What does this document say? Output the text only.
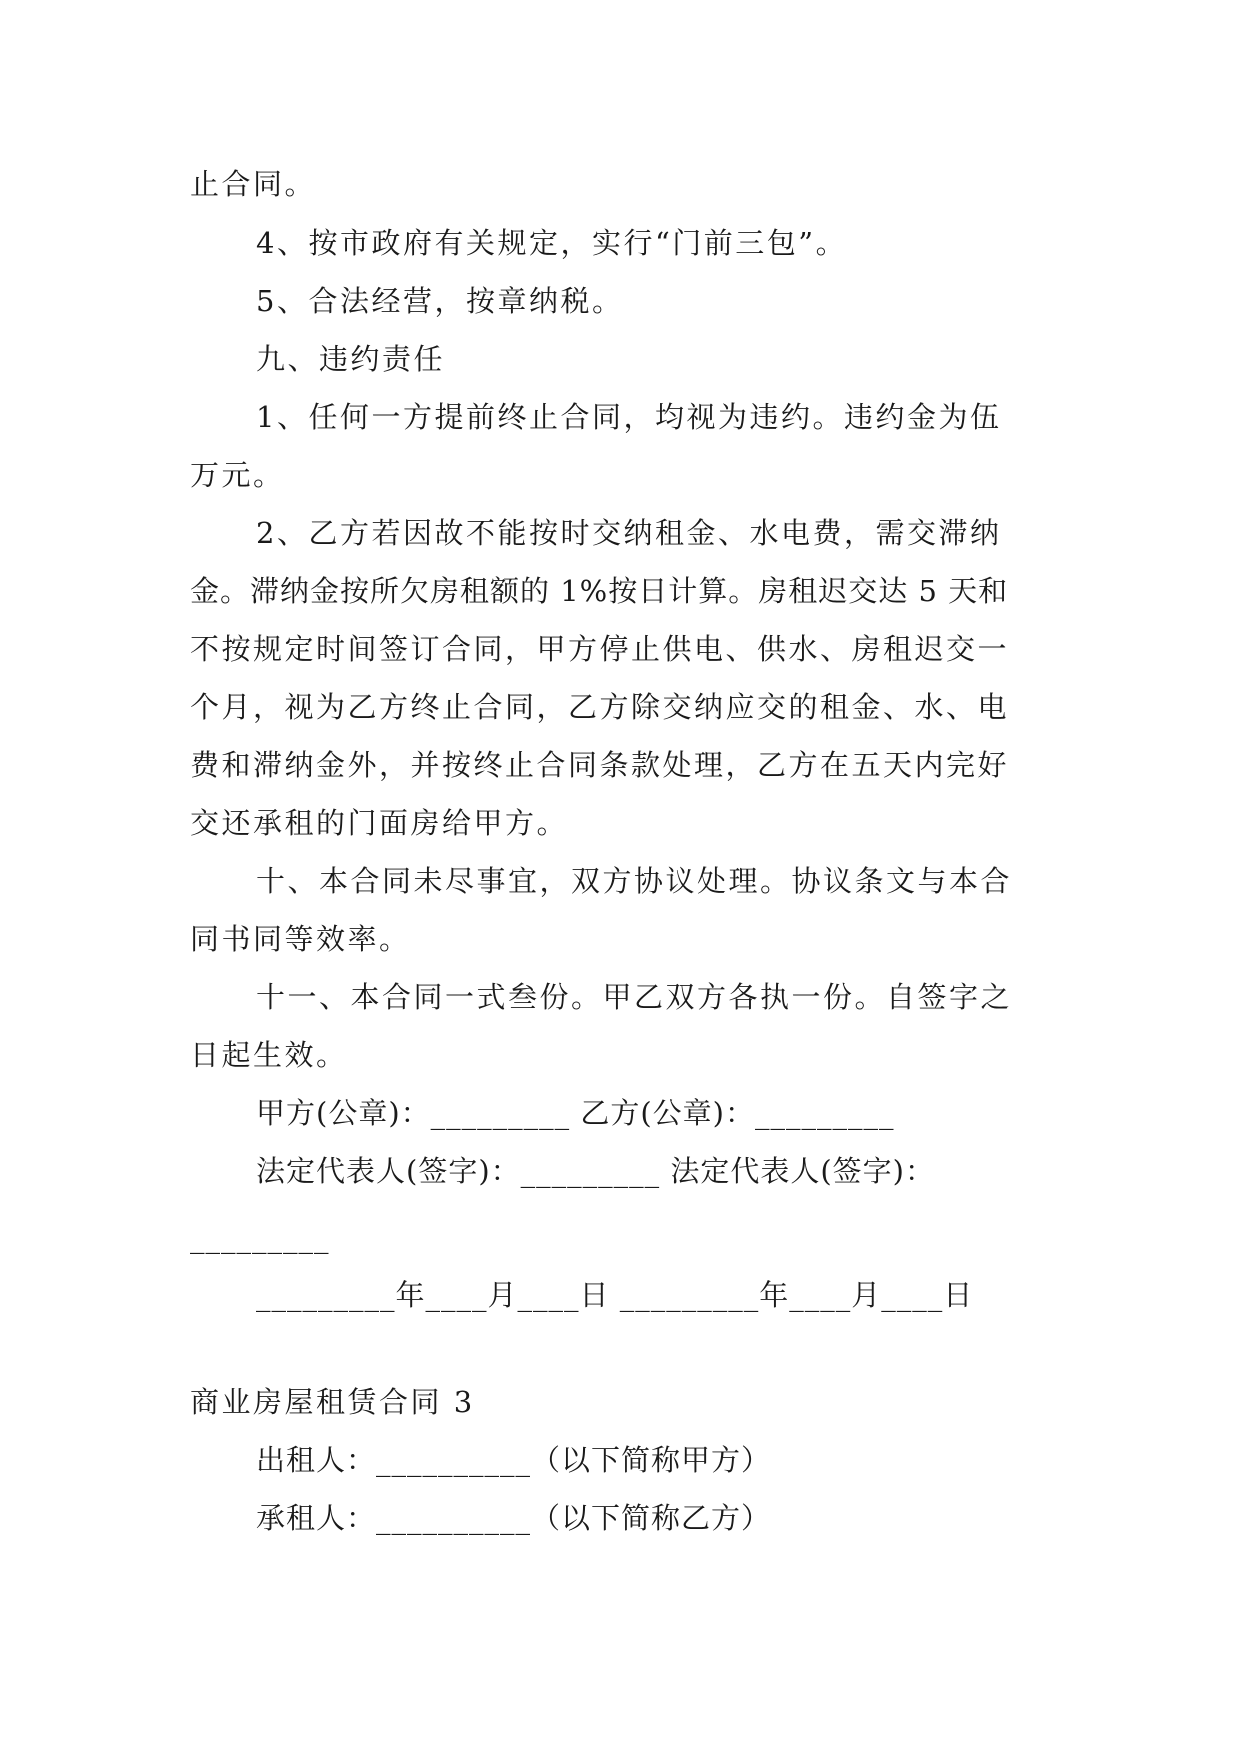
止合同。
4、按市政府有关规定，实行“门前三包”。
5、合法经营，按章纳税。
九、违约责任
1、任何一方提前终止合同，均视为违约。违约金为伍
万元。
2、乙方若因故不能按时交纳租金、水电费，需交滞纳
金。滞纳金按所欠房租额的 1%按日计算。房租迟交达 5 天和
不按规定时间签订合同，甲方停止供电、供水、房租迟交一
个月，视为乙方终止合同，乙方除交纳应交的租金、水、电
费和滞纳金外，并按终止合同条款处理，乙方在五天内完好
交还承租的门面房给甲方。
十、本合同未尽事宜，双方协议处理。协议条文与本合
同书同等效率。
十一、本合同一式叁份。甲乙双方各执一份。自签字之
日起生效。
甲方(公章)：_________ 乙方(公章)：_________
法定代表人(签字)：_________ 法定代表人(签字)：
_________
_________年____月____日 _________年____月____日
商业房屋租赁合同 3
出租人：__________（以下简称甲方）
承租人：__________（以下简称乙方）
